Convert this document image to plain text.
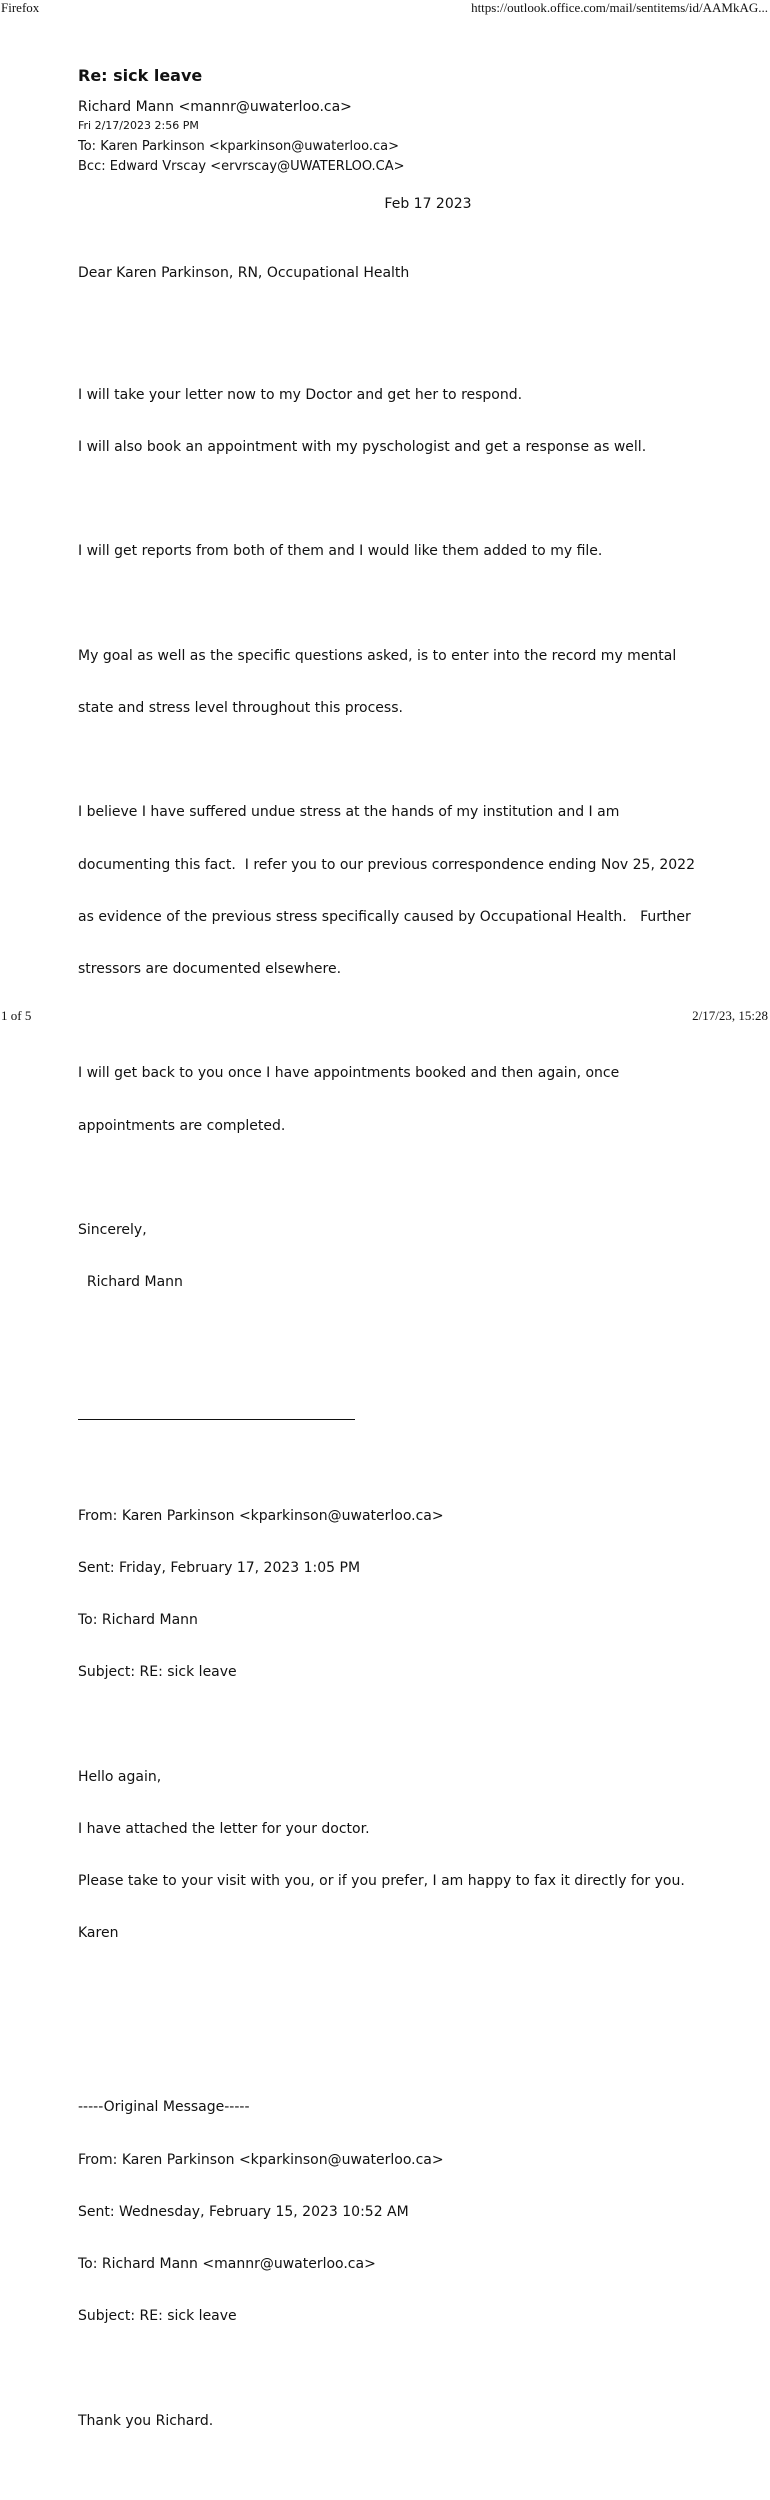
Firefox	https://outlook.office.com/mail/sentitems/id/AAMkAG...
Re: sick leave
Richard Mann <mannr@uwaterloo.ca>
Fri 2/17/2023 2:56 PM
To: Karen Parkinson <kparkinson@uwaterloo.ca>
Bcc: Edward Vrscay <ervrscay@UWATERLOO.CA>
Feb 17 2023

Dear Karen Parkinson, RN, Occupational Health

I will take your letter now to my Doctor and get her to respond.

I will also book an appointment with my pyschologist and get a response as well.

I will get reports from both of them and I would like them added to my file.

My goal as well as the specific questions asked, is to enter into the record my mental

state and stress level throughout this process.

I believe I have suffered undue stress at the hands of my institution and I am

documenting this fact.  I refer you to our previous correspondence ending Nov 25, 2022

as evidence of the previous stress specifically caused by Occupational Health.   Further

stressors are documented elsewhere.

I will get back to you once I have appointments booked and then again, once

appointments are completed.

Sincerely,

Richard Mann

From: Karen Parkinson <kparkinson@uwaterloo.ca>

Sent: Friday, February 17, 2023 1:05 PM

To: Richard Mann

Subject: RE: sick leave

Hello again,

I have attached the letter for your doctor.

Please take to your visit with you, or if you prefer, I am happy to fax it directly for you.

Karen

-----Original Message-----

From: Karen Parkinson <kparkinson@uwaterloo.ca>

Sent: Wednesday, February 15, 2023 10:52 AM

To: Richard Mann <mannr@uwaterloo.ca>

Subject: RE: sick leave

Thank you Richard.

1 of 5	2/17/23, 15:28
